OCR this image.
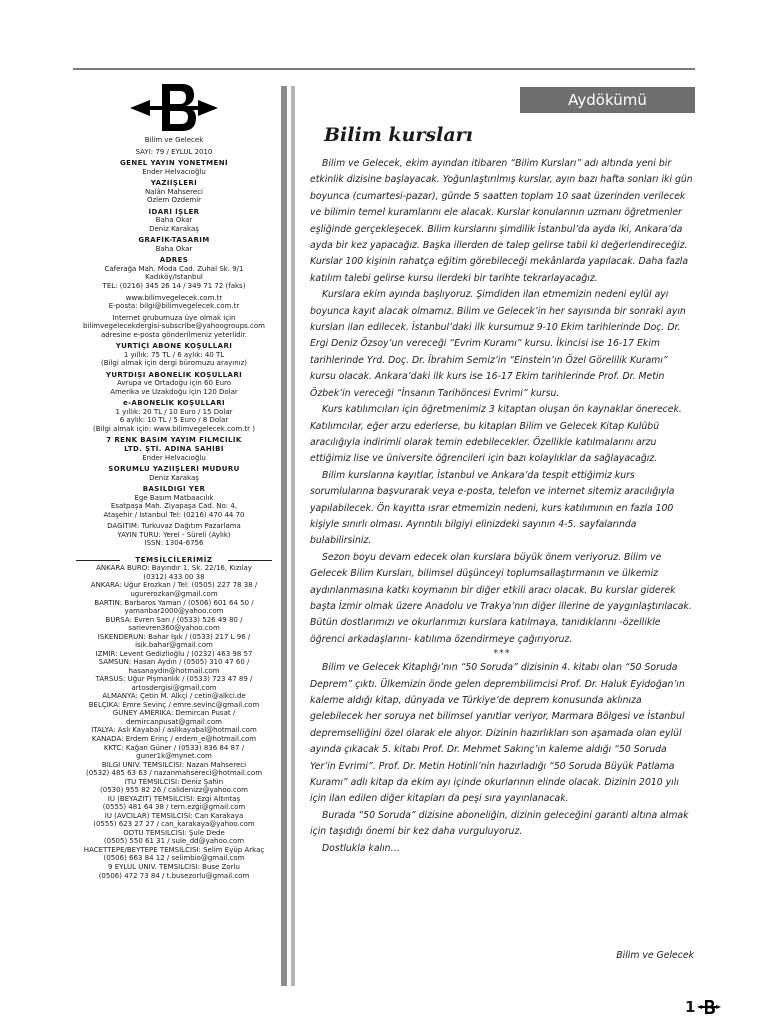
Bilim ve Gelecek
SAYI: 79 / EYLÜL 2010
GENEL YAYIN YÖNETMENİ
Ender Helvacıoğlu
YAZIİŞLERİ
Nalân Mahsereci
Özlem Özdemir
İDARİ İŞLER
Baha Okar
Deniz Karakaş
GRAFİK-TASARIM
Baha Okar
ADRES
Caferağa Mah. Moda Cad. Zuhal Sk. 9/1
Kadıköy/İstanbul
TEL: (0216) 345 26 14 / 349 71 72 (faks)
www.bilimvegelecek.com.tr
E-posta: bilgi@bilimvegelecek.com.tr
Internet grubumuza üye olmak için
bilimvegelecekdergisi-subscribe@yahoogroups.com
adresine e-posta gönderilmeniz yeterlidir.
YURTİÇİ ABONE KOŞULLARI
1 yıllık: 75 TL / 6 aylık: 40 TL
(Bilgi almak için dergi büromuzu arayınız)
YURTDIŞI ABONELİK KOŞULLARI
Avrupa ve Ortadoğu için 60 Euro
Amerika ve Uzakdoğu için 120 Dolar
e-ABONELİK KOŞULLARI
1 yıllık: 20 TL / 10 Euro / 15 Dolar
6 aylık: 10 TL / 5 Euro / 8 Dolar
(Bilgi almak için: www.bilimvegelecek.com.tr )
7 RENK BASIM YAYIM FİLMCİLİK
LTD. ŞTİ. ADINA SAHİBİ
Ender Helvacıoğlu
SORUMLU YAZIİŞLERİ MÜDÜRÜ
Deniz Karakaş
BASILDIĞI YER
Ege Basım Matbaacılık
Esatpaşa Mah. Ziyapaşa Cad. No: 4,
Ataşehir / İstanbul Tel: (0216) 470 44 70
DAĞITIM: Turkuvaz Dağıtım Pazarlama
YAYIN TÜRÜ: Yerel - Süreli (Aylık)
ISSN: 1304-6756
TEMSİLCİLERİMİZ
ANKARA BÜRO: Bayındır 1. Sk. 22/16, Kızılay
(0312) 433 00 38
ANKARA: Uğur Erozkan / Tel: (0505) 227 78 38 /
ugurerozkan@gmail.com
BARTIN: Barbaros Yaman / (0506) 601 64 50 /
yamanbar2000@yahoo.com
BURSA: Evren Sarı / (0533) 526 49 80 /
sarievren360@yahoo.com
İSKENDERUN: Bahar Işık / (0533) 217 L 96 /
isik.bahar@gmail.com
İZMİR: Levent Gedizlioğlu / (0232) 463 98 57
SAMSUN: Hasan Aydın / (0505) 310 47 60 /
hasanaydin@hotmail.com
TARSUS: Uğur Pişmanlık / (0533) 723 47 89 /
artosdergisi@gmail.com
ALMANYA: Çetin M. Alkçi / cetin@alkci.de
BELÇİKA: Emre Sevinç / emre.sevinc@gmail.com
GÜNEY AMERİKA: Demircan Pusat /
demircanpusat@gmail.com
İTALYA: Aslı Kayabal / aslikayabal@hotmail.com
KANADA: Erdem Erinç / erdem_e@hotmail.com
KKTC: Kağan Güner / (0533) 836 84 87 /
guner1k@mynet.com
BİLGİ ÜNİV. TEMSİLCİSİ: Nazan Mahsereci
(0532) 485 63 63 / nazanmahsereci@hotmail.com
İTÜ TEMSİLCİSİ: Deniz Şahin
(0530) 955 82 26 / calidenizz@yahoo.com
İÜ (BEYAZIT) TEMSİLCİSİ: Ezgi Altıntaş
(0555) 481 64 38 / tern.ezgi@gmail.com
İÜ (AVCILAR) TEMSİLCİSİ: Can Karakaya
(0555) 623 27 27 / can_karakaya@yahoo.com
ODTÜ TEMSİLCİSİ: Şule Dede
(0505) 550 61 31 / sule_dd@yahoo.com
HACETTEPE/BEYTEPE TEMSİLCİSİ: Selim Eyüp Arkaç
(0506) 663 84 12 / selimbio@gmail.com
9 EYLÜL ÜNİV. TEMSİLCİSİ: Buse Zorlu
(0506) 472 73 84 / t.busezorlu@gmail.com
Aydökümü
Bilim kursları

Bilim ve Gelecek, ekim ayından itibaren “Bilim Kursları” adı altında yeni bir etkinlik dizisine başlayacak. Yoğunlaştırılmış kurslar, ayın bazı hafta sonları iki gün boyunca (cumartesi-pazar), günde 5 saatten toplam 10 saat üzerinden verilecek ve bilimin temel kuramlarını ele alacak. Kurslar konularının uzmanı öğretmenler eşliğinde gerçekleşecek. Bilim kurslarını şimdilik İstanbul’da ayda iki, Ankara’da ayda bir kez yapacağız. Başka illerden de talep gelirse tabii ki değerlendireceğiz. Kurslar 100 kişinin rahatça eğitim görebileceği mekânlarda yapılacak. Daha fazla katılım talebi gelirse kursu ilerdeki bir tarihte tekrarlayacağız.

Kurslara ekim ayında başlıyoruz. Şimdiden ilan etmemizin nedeni eylül ayı boyunca kayıt alacak olmamız. Bilim ve Gelecek’in her sayısında bir sonraki ayın kursları ilan edilecek. İstanbul’daki ilk kursumuz 9-10 Ekim tarihlerinde Doç. Dr. Ergi Deniz Özsoy’un vereceği “Evrim Kuramı” kursu. İkincisi ise 16-17 Ekim tarihlerinde Yrd. Doç. Dr. İbrahim Semiz’in “Einstein’ın Özel Görelilik Kuramı” kursu olacak. Ankara’daki ilk kurs ise 16-17 Ekim tarihlerinde Prof. Dr. Metin Özbek’in vereceği “İnsanın Tarihöncesi Evrimi” kursu.

Kurs katılımcıları için öğretmenimiz 3 kitaptan oluşan ön kaynaklar önerecek. Katılımcılar, eğer arzu ederlerse, bu kitapları Bilim ve Gelecek Kitap Kulübü aracılığıyla indirimli olarak temin edebilecekler. Özellikle katılmalarını arzu ettiğimiz lise ve üniversite öğrencileri için bazı kolaylıklar da sağlayacağız.

Bilim kurslarına kayıtlar, İstanbul ve Ankara’da tespit ettiğimiz kurs sorumlularına başvurarak veya e-posta, telefon ve internet sitemiz aracılığıyla yapılabilecek. Ön kayıtta ısrar etmemizin nedeni, kurs katılımının en fazla 100 kişiyle sınırlı olması. Ayrıntılı bilgiyi elinizdeki sayının 4-5. sayfalarında bulabilirsiniz.

Sezon boyu devam edecek olan kurslara büyük önem veriyoruz. Bilim ve Gelecek Bilim Kursları, bilimsel düşünceyi toplumsallaştırmanın ve ülkemiz aydınlanmasına katkı koymanın bir diğer etkili aracı olacak. Bu kurslar giderek başta İzmir olmak üzere Anadolu ve Trakya’nın diğer illerine de yaygınlaştırılacak. Bütün dostlarımızı ve okurlarımızı kurslara katılmaya, tanıdıklarını -özellikle öğrenci arkadaşlarını- katılıma özendirmeye çağırıyoruz.

***

Bilim ve Gelecek Kitaplığı’nın “50 Soruda” dizisinin 4. kitabı olan “50 Soruda Deprem” çıktı. Ülkemizin önde gelen deprembilimcisi Prof. Dr. Haluk Eyidoğan’ın kaleme aldığı kitap, dünyada ve Türkiye’de deprem konusunda aklınıza gelebilecek her soruya net bilimsel yanıtlar veriyor, Marmara Bölgesi ve İstanbul depremselliğini özel olarak ele alıyor. Dizinin hazırlıkları son aşamada olan eylül ayında çıkacak 5. kitabı Prof. Dr. Mehmet Sakınç’ın kaleme aldığı “50 Soruda Yer’in Evrimi”. Prof. Dr. Metin Hotinli’nin hazırladığı “50 Soruda Büyük Patlama Kuramı” adlı kitap da ekim ayı içinde okurlarının elinde olacak. Dizinin 2010 yılı için ilan edilen diğer kitapları da peşi sıra yayınlanacak.

Burada “50 Soruda” dizisine aboneliğin, dizinin geleceğini garanti altına almak için taşıdığı önemi bir kez daha vurguluyoruz.

Dostlukla kalın…

Bilim ve Gelecek
1
